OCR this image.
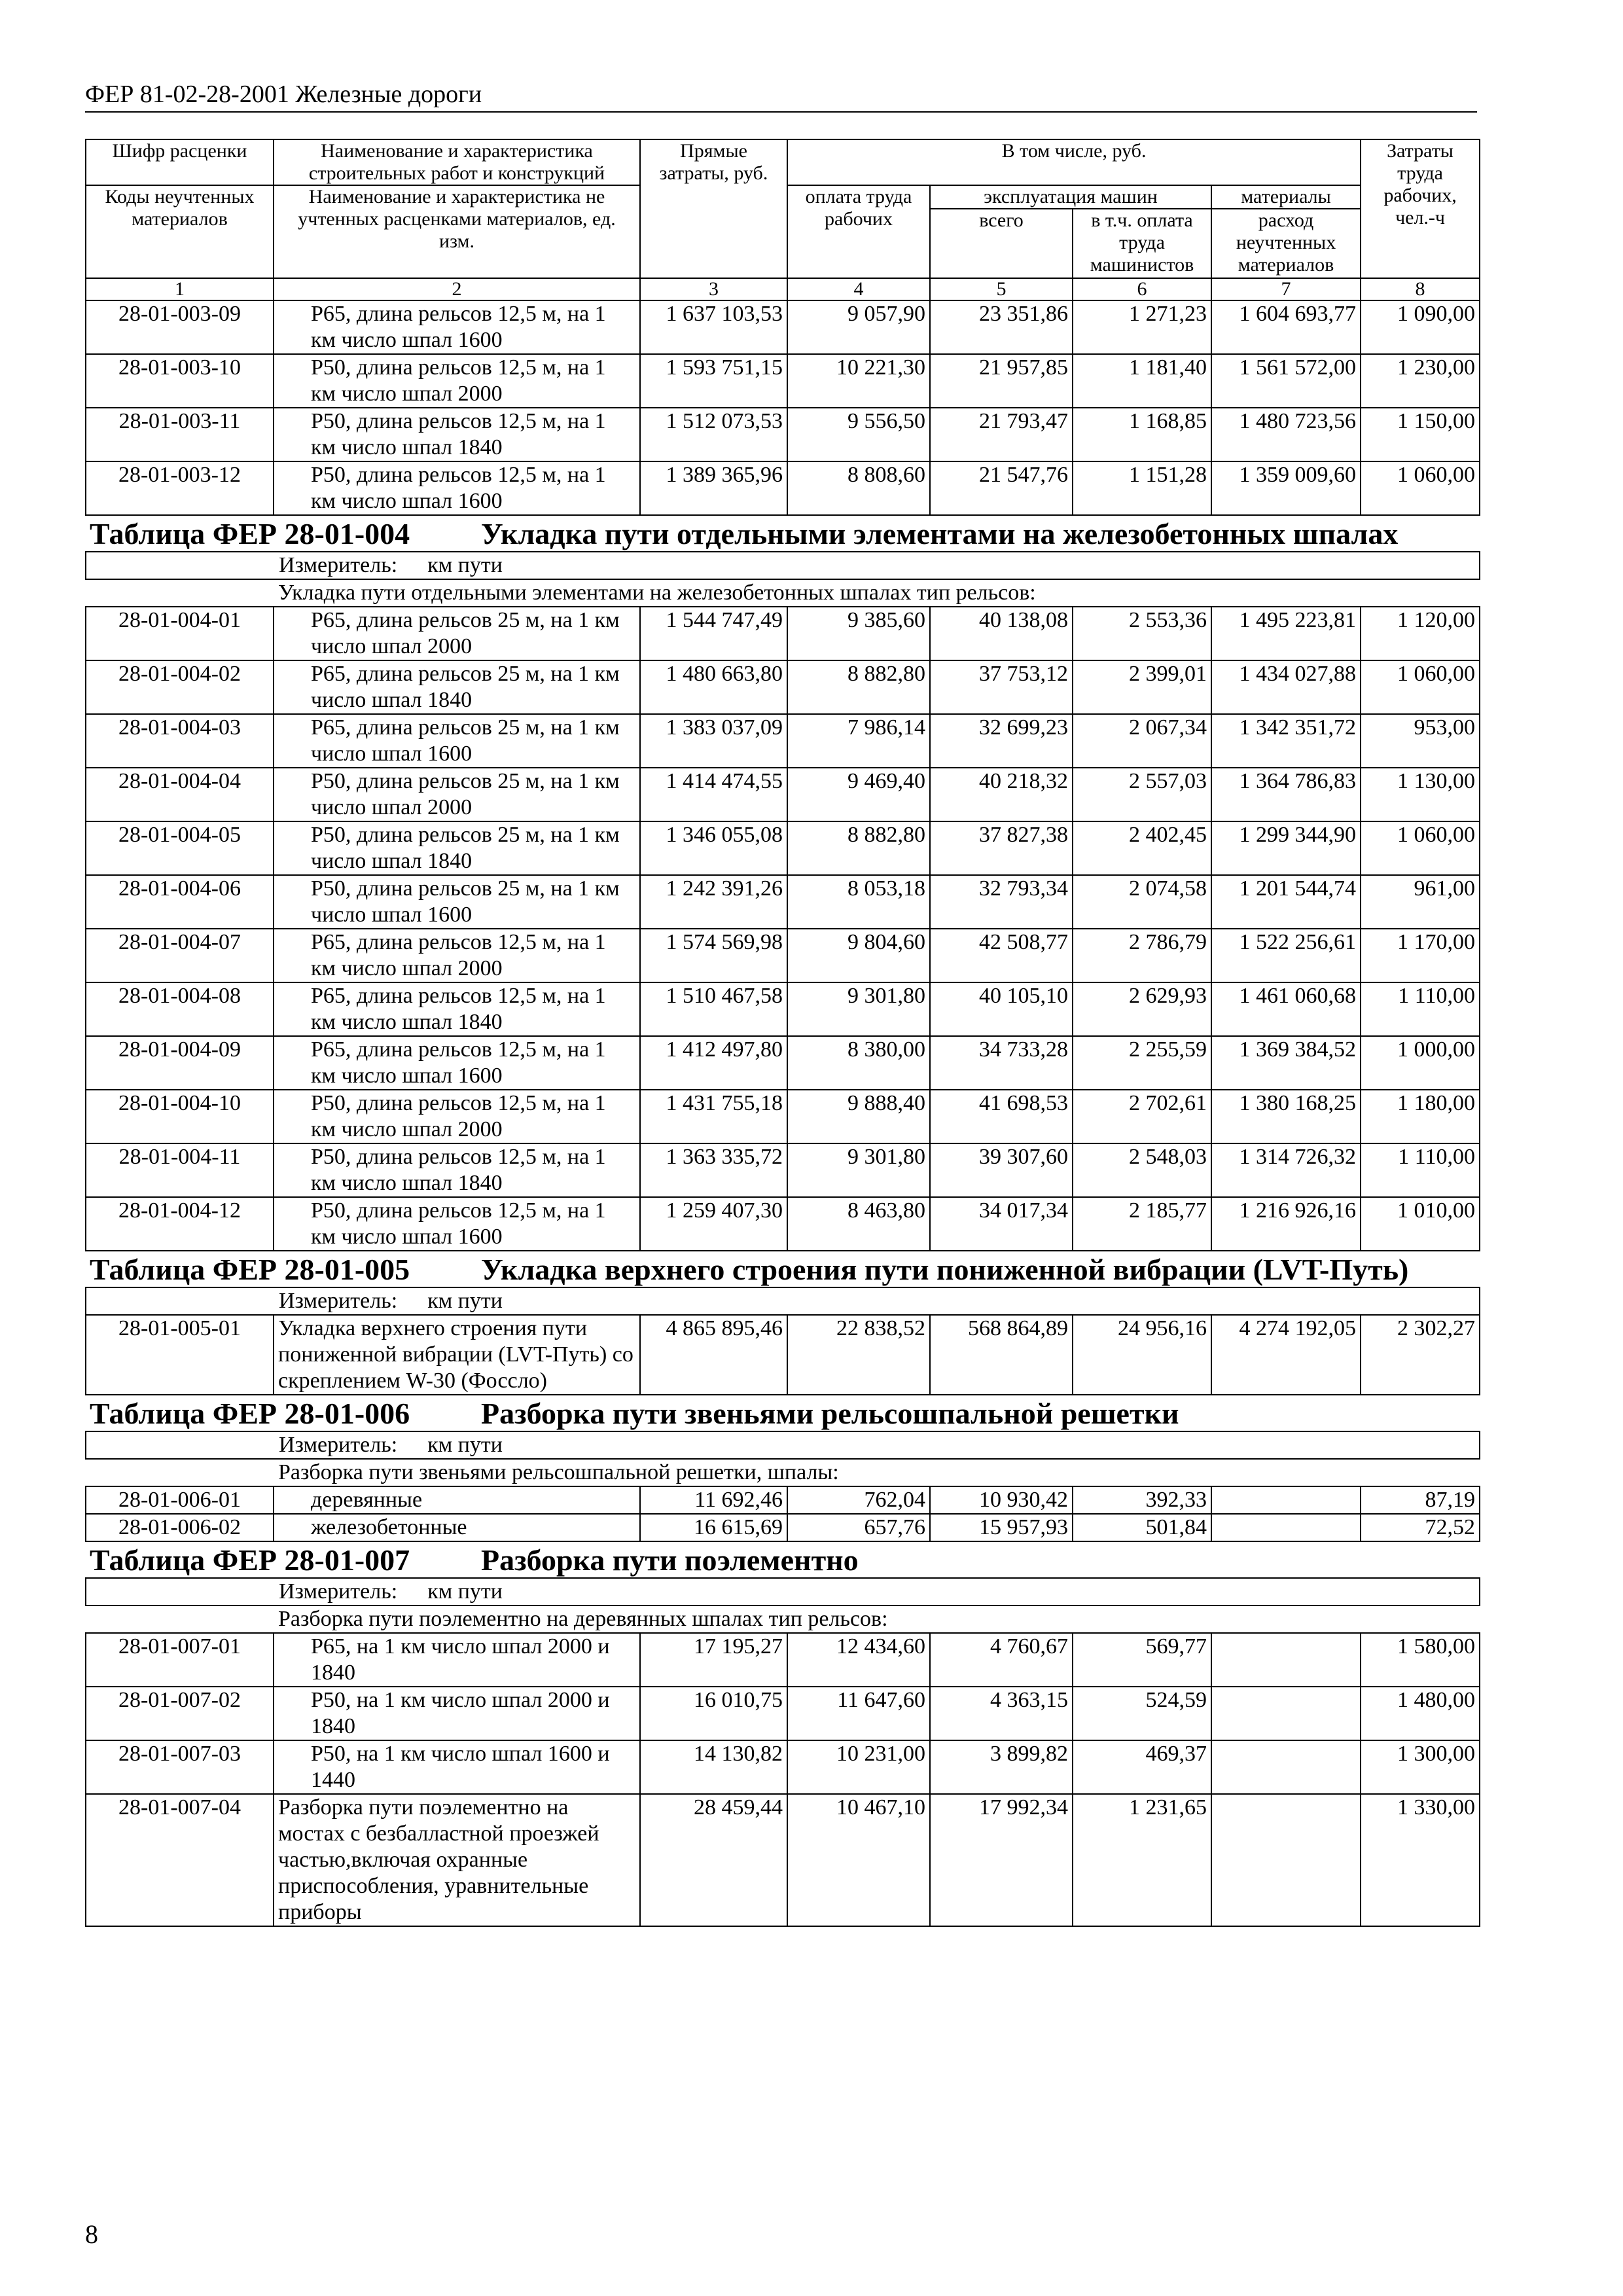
ФЕР 81-02-28-2001 Железные дороги
Шифр расценки	Наименование и характеристика строительных работ и конструкций	Прямые затраты, руб.	В том числе, руб.				Затраты труда рабочих, чел.-ч
Коды неучтенных материалов	Наименование и характеристика не учтенных расценками материалов, ед. изм.		оплата труда рабочих	эксплуатация машин		материалы	
				всего	в т.ч. оплата труда машинистов	расход неучтенных материалов	
1	2	3	4	5	6	7	8
28-01-003-09	Р65, длина рельсов 12,5 м, на 1 км число шпал 1600	1 637 103,53	9 057,90	23 351,86	1 271,23	1 604 693,77	1 090,00
28-01-003-10	Р50, длина рельсов 12,5 м, на 1 км число шпал 2000	1 593 751,15	10 221,30	21 957,85	1 181,40	1 561 572,00	1 230,00
28-01-003-11	Р50, длина рельсов 12,5 м, на 1 км число шпал 1840	1 512 073,53	9 556,50	21 793,47	1 168,85	1 480 723,56	1 150,00
28-01-003-12	Р50, длина рельсов 12,5 м, на 1 км число шпал 1600	1 389 365,96	8 808,60	21 547,76	1 151,28	1 359 009,60	1 060,00
Таблица ФЕР 28-01-004 Укладка пути отдельными элементами на железобетонных шпалах							

Измеритель: км пути							

Укладка пути отдельными элементами на железобетонных шпалах тип рельсов:							

28-01-004-01	Р65, длина рельсов 25 м, на 1 км число шпал 2000	1 544 747,49	9 385,60	40 138,08	2 553,36	1 495 223,81	1 120,00
28-01-004-02	Р65, длина рельсов 25 м, на 1 км число шпал 1840	1 480 663,80	8 882,80	37 753,12	2 399,01	1 434 027,88	1 060,00
28-01-004-03	Р65, длина рельсов 25 м, на 1 км число шпал 1600	1 383 037,09	7 986,14	32 699,23	2 067,34	1 342 351,72	953,00
28-01-004-04	Р50, длина рельсов 25 м, на 1 км число шпал 2000	1 414 474,55	9 469,40	40 218,32	2 557,03	1 364 786,83	1 130,00
28-01-004-05	Р50, длина рельсов 25 м, на 1 км число шпал 1840	1 346 055,08	8 882,80	37 827,38	2 402,45	1 299 344,90	1 060,00
28-01-004-06	Р50, длина рельсов 25 м, на 1 км число шпал 1600	1 242 391,26	8 053,18	32 793,34	2 074,58	1 201 544,74	961,00
28-01-004-07	Р65, длина рельсов 12,5 м, на 1 км число шпал 2000	1 574 569,98	9 804,60	42 508,77	2 786,79	1 522 256,61	1 170,00
28-01-004-08	Р65, длина рельсов 12,5 м, на 1 км число шпал 1840	1 510 467,58	9 301,80	40 105,10	2 629,93	1 461 060,68	1 110,00
28-01-004-09	Р65, длина рельсов 12,5 м, на 1 км число шпал 1600	1 412 497,80	8 380,00	34 733,28	2 255,59	1 369 384,52	1 000,00
28-01-004-10	Р50, длина рельсов 12,5 м, на 1 км число шпал 2000	1 431 755,18	9 888,40	41 698,53	2 702,61	1 380 168,25	1 180,00
28-01-004-11	Р50, длина рельсов 12,5 м, на 1 км число шпал 1840	1 363 335,72	9 301,80	39 307,60	2 548,03	1 314 726,32	1 110,00
28-01-004-12	Р50, длина рельсов 12,5 м, на 1 км число шпал 1600	1 259 407,30	8 463,80	34 017,34	2 185,77	1 216 926,16	1 010,00
Таблица ФЕР 28-01-005 Укладка верхнего строения пути пониженной вибрации (LVT-Путь)							

Измеритель: км пути							

28-01-005-01	Укладка верхнего строения пути пониженной вибрации (LVT-Путь) со скреплением W-30 (Фоссло)	4 865 895,46	22 838,52	568 864,89	24 956,16	4 274 192,05	2 302,27
Таблица ФЕР 28-01-006 Разборка пути звеньями рельсошпальной решетки							

Измеритель: км пути							

Разборка пути звеньями рельсошпальной решетки, шпалы:							

28-01-006-01	деревянные	11 692,46	762,04	10 930,42	392,33		87,19
28-01-006-02	железобетонные	16 615,69	657,76	15 957,93	501,84		72,52
Таблица ФЕР 28-01-007 Разборка пути поэлементно							

Измеритель: км пути							

Разборка пути поэлементно на деревянных шпалах тип рельсов:							

28-01-007-01	Р65, на 1 км число шпал 2000 и 1840	17 195,27	12 434,60	4 760,67	569,77		1 580,00
28-01-007-02	Р50, на 1 км число шпал 2000 и 1840	16 010,75	11 647,60	4 363,15	524,59		1 480,00
28-01-007-03	Р50, на 1 км число шпал 1600 и 1440	14 130,82	10 231,00	3 899,82	469,37		1 300,00
28-01-007-04	Разборка пути поэлементно на мостах с безбалластной проезжей частью,включая охранные приспособления, уравнительные приборы	28 459,44	10 467,10	17 992,34	1 231,65		1 330,00
8
